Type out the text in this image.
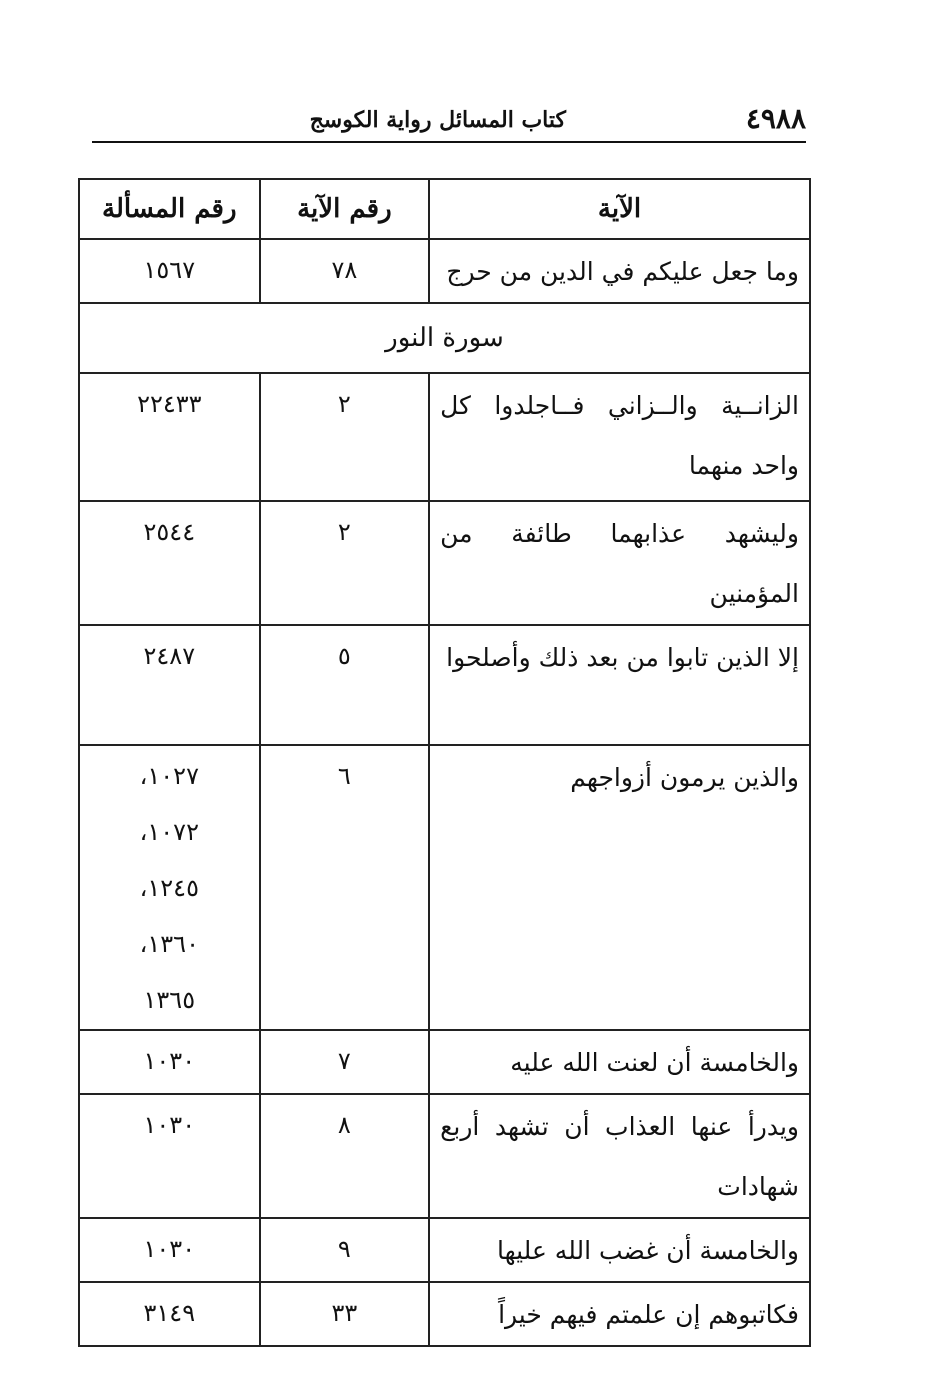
٤٩٨٨
كتاب المسائل رواية الكوسج
الآية	رقم الآية	رقم المسألة
وما جعل عليكم في الدين من حرج	٧٨	١٥٦٧
سورة النور		
الزانــية والــزاني فــاجلدوا كل واحد منهما	٢	٢٢٤٣٣
وليشهد عذابهما طائفة من المؤمنين	٢	٢٥٤٤
إلا الذين تابوا من بعد ذلك وأصلحوا	٥	٢٤٨٧
والذين يرمون أزواجهم	٦	١٠٢٧،
١٠٧٢،
١٢٤٥،
١٣٦٠،
١٣٦٥

والخامسة أن لعنت الله عليه	٧	١٠٣٠
ويدرأ عنها العذاب أن تشهد أربع شهادات	٨	١٠٣٠
والخامسة أن غضب الله عليها	٩	١٠٣٠
فكاتبوهم إن علمتم فيهم خيراً	٣٣	٣١٤٩
